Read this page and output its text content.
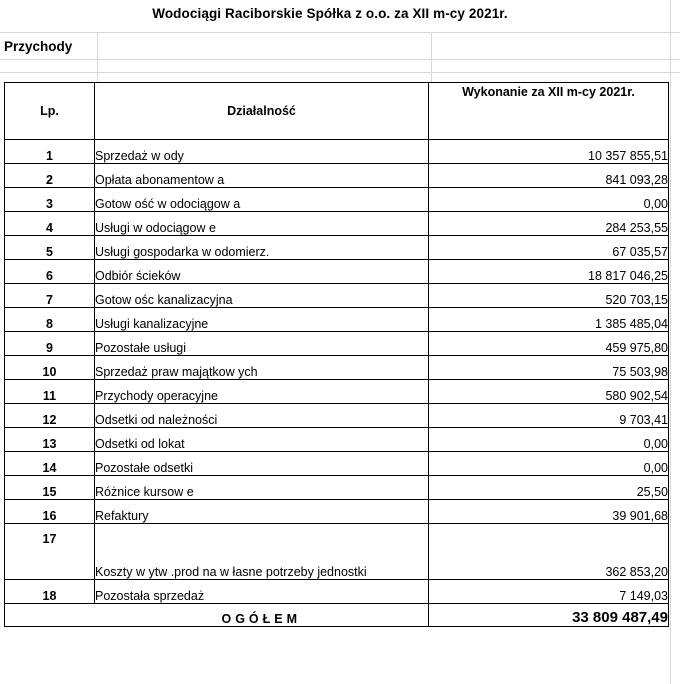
Wodociągi Raciborskie Spółka z o.o. za XII m-cy 2021r.
Przychody
Lp.	Działalność	Wykonanie za XII m-cy 2021r.
1	Sprzedaż w ody	10 357 855,51
2	Opłata abonamentow a	841 093,28
3	Gotow ość w odociągow a	0,00
4	Usługi w odociągow e	284 253,55
5	Usługi gospodarka w odomierz.	67 035,57
6	Odbiór ścieków	18 817 046,25
7	Gotow ośc kanalizacyjna	520 703,15
8	Usługi kanalizacyjne	1 385 485,04
9	Pozostałe usługi	459 975,80
10	Sprzedaż praw majątkow ych	75 503,98
11	Przychody operacyjne	580 902,54
12	Odsetki od należności	9 703,41
13	Odsetki od lokat	0,00
14	Pozostałe odsetki	0,00
15	Różnice kursow e	25,50
16	Refaktury	39 901,68
17	Koszty w ytw .prod na w łasne potrzeby jednostki	362 853,20
18	Pozostała sprzedaż	7 149,03
	OGÓŁEM	33 809 487,49
